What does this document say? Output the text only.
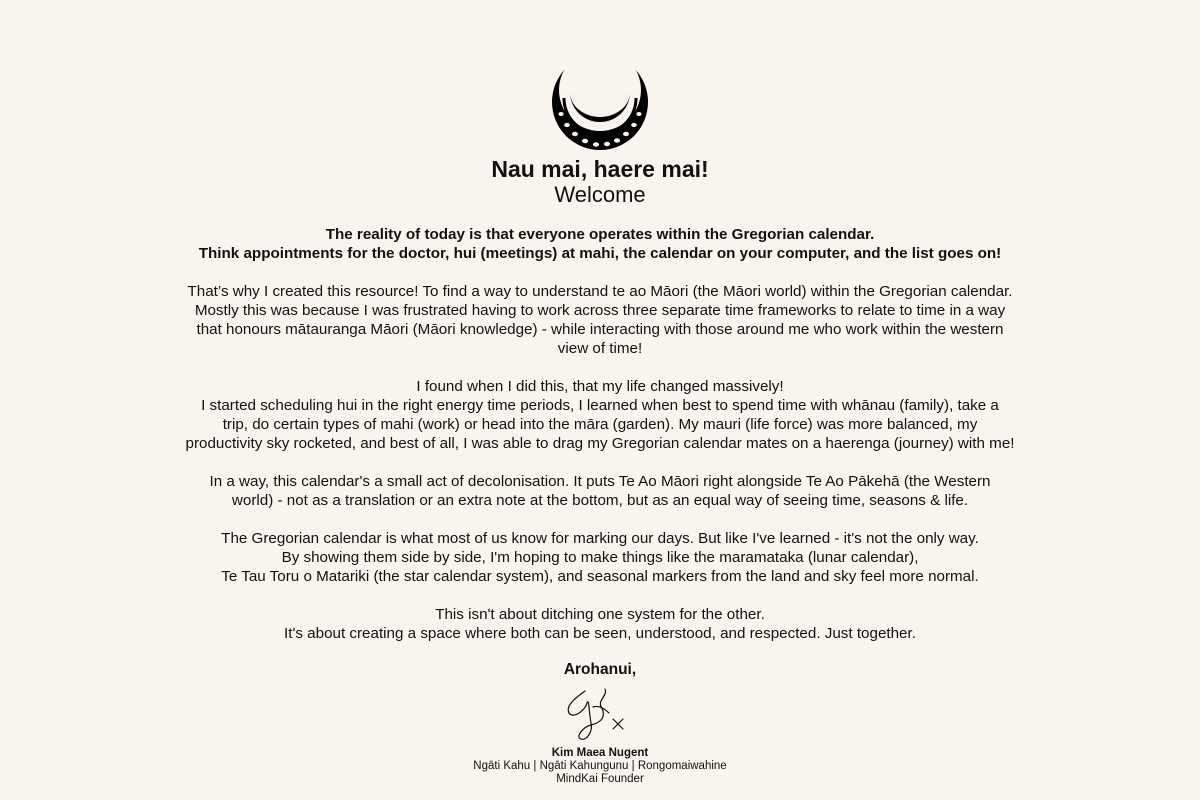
Nau mai, haere mai!
Welcome

The reality of today is that everyone operates within the Gregorian calendar.
Think appointments for the doctor, hui (meetings) at mahi, the calendar on your computer, and the list goes on!

That’s why I created this resource! To find a way to understand te ao Māori (the Māori world) within the Gregorian calendar.
Mostly this was because I was frustrated having to work across three separate time frameworks to relate to time in a way
that honours mātauranga Māori (Māori knowledge) - while interacting with those around me who work within the western
view of time!

I found when I did this, that my life changed massively!
I started scheduling hui in the right energy time periods, I learned when best to spend time with whānau (family), take a
trip, do certain types of mahi (work) or head into the māra (garden). My mauri (life force) was more balanced, my
productivity sky rocketed, and best of all, I was able to drag my Gregorian calendar mates on a haerenga (journey) with me!

In a way, this calendar's a small act of decolonisation. It puts Te Ao Māori right alongside Te Ao Pākehā (the Western
world) - not as a translation or an extra note at the bottom, but as an equal way of seeing time, seasons & life.

The Gregorian calendar is what most of us know for marking our days. But like I've learned - it's not the only way.
By showing them side by side, I'm hoping to make things like the maramataka (lunar calendar),
Te Tau Toru o Matariki (the star calendar system), and seasonal markers from the land and sky feel more normal.

This isn't about ditching one system for the other.
It's about creating a space where both can be seen, understood, and respected. Just together.

Arohanui,
Kim Maea Nugent
Ngāti Kahu | Ngāti Kahungunu | Rongomaiwahine
MindKai Founder
